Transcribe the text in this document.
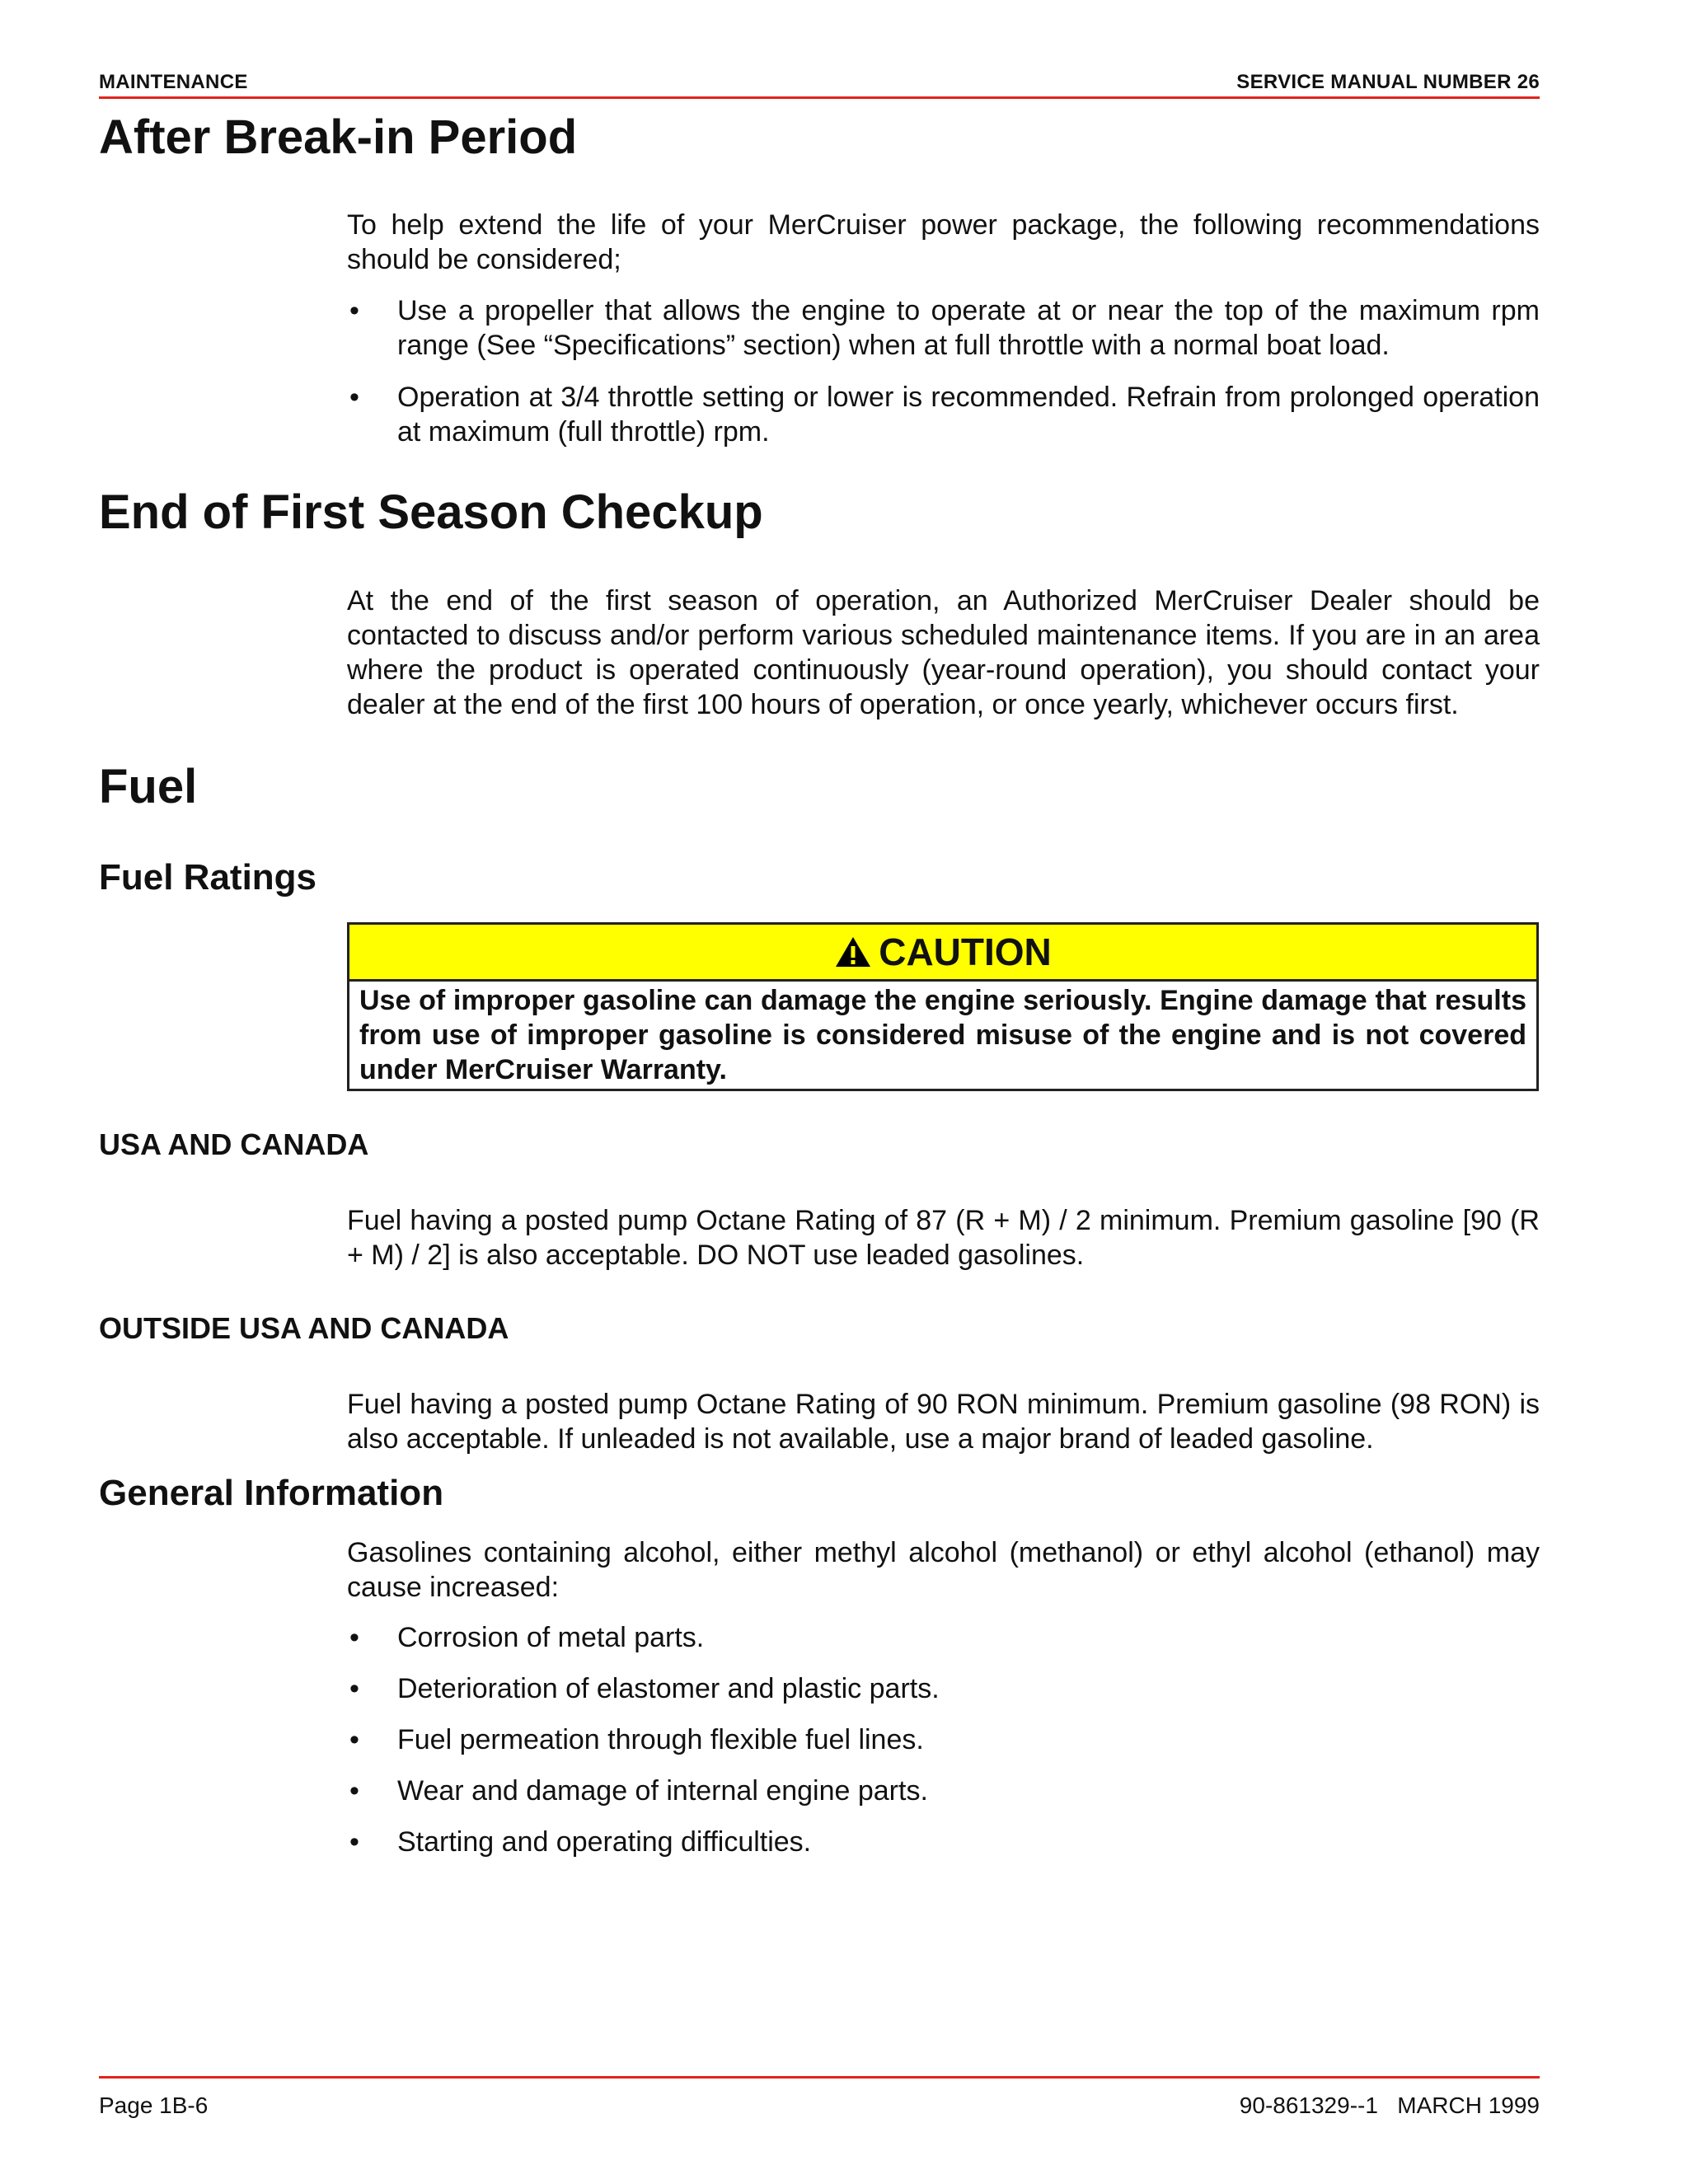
MAINTENANCE	SERVICE MANUAL NUMBER 26
After Break-in Period

To help extend the life of your MerCruiser power package, the following recommendations should be considered;

• Use a propeller that allows the engine to operate at or near the top of the maximum rpm range (See “Specifications” section) when at full throttle with a normal boat load.
• Operation at 3/4 throttle setting or lower is recommended. Refrain from prolonged operation at maximum (full throttle) rpm.
End of First Season Checkup

At the end of the first season of operation, an Authorized MerCruiser Dealer should be contacted to discuss and/or perform various scheduled maintenance items. If you are in an area where the product is operated continuously (year-round operation), you should contact your dealer at the end of the first 100 hours of operation, or once yearly, whichever occurs first.

Fuel
Fuel Ratings
CAUTION
Use of improper gasoline can damage the engine seriously. Engine damage that results from use of improper gasoline is considered misuse of the engine and is not covered under MerCruiser Warranty.
USA AND CANADA

Fuel having a posted pump Octane Rating of 87 (R + M) / 2 minimum. Premium gasoline [90 (R + M) / 2] is also acceptable. DO NOT use leaded gasolines.

OUTSIDE USA AND CANADA

Fuel having a posted pump Octane Rating of 90 RON minimum. Premium gasoline (98 RON) is also acceptable. If unleaded is not available, use a major brand of leaded gasoline.

General Information

Gasolines containing alcohol, either methyl alcohol (methanol) or ethyl alcohol (ethanol) may cause increased:

• Corrosion of metal parts.
• Deterioration of elastomer and plastic parts.
• Fuel permeation through flexible fuel lines.
• Wear and damage of internal engine parts.
• Starting and operating difficulties.
Page 1B-6	90-861329--1   MARCH 1999
